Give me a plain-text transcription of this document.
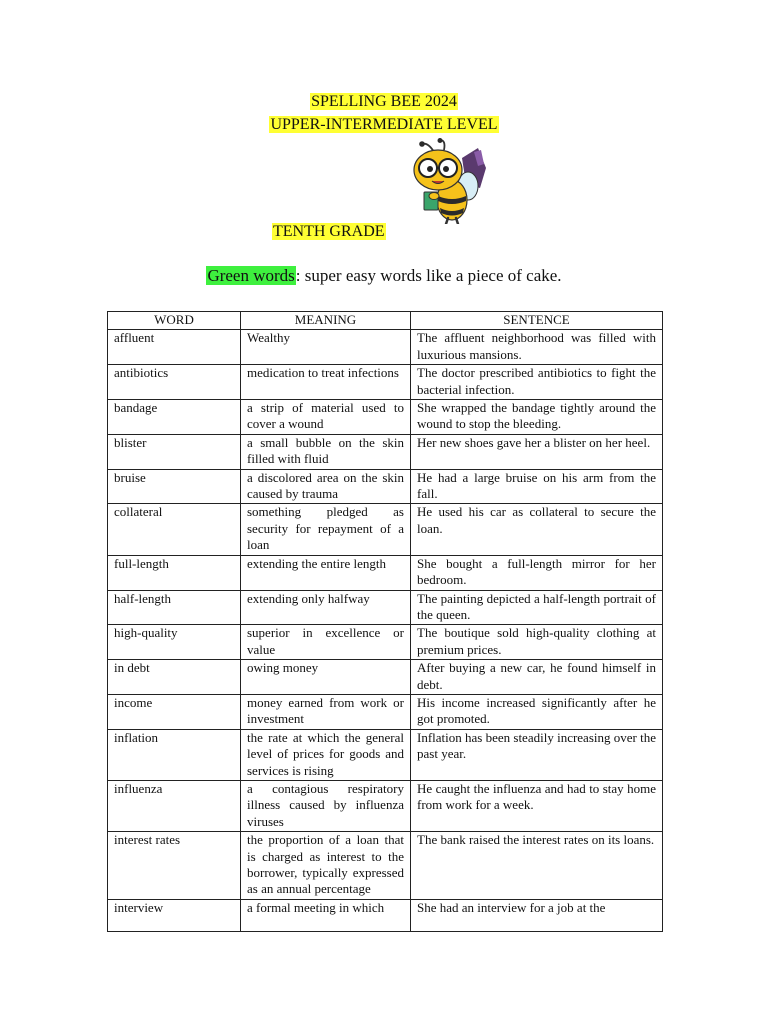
SPELLING BEE 2024
UPPER-INTERMEDIATE LEVEL
TENTH GRADE
Green words: super easy words like a piece of cake.
WORD	MEANING	SENTENCE
affluent	Wealthy	The affluent neighborhood was filled with luxurious mansions.
antibiotics	medication to treat infections	The doctor prescribed antibiotics to fight the bacterial infection.
bandage	a strip of material used to cover a wound	She wrapped the bandage tightly around the wound to stop the bleeding.
blister	a small bubble on the skin filled with fluid	Her new shoes gave her a blister on her heel.
bruise	a discolored area on the skin caused by trauma	He had a large bruise on his arm from the fall.
collateral	something pledged as security for repayment of a loan	He used his car as collateral to secure the loan.
full-length	extending the entire length	She bought a full-length mirror for her bedroom.
half-length	extending only halfway	The painting depicted a half-length portrait of the queen.
high-quality	superior in excellence or value	The boutique sold high-quality clothing at premium prices.
in debt	owing money	After buying a new car, he found himself in debt.
income	money earned from work or investment	His income increased significantly after he got promoted.
inflation	the rate at which the general level of prices for goods and services is rising	Inflation has been steadily increasing over the past year.
influenza	a contagious respiratory illness caused by influenza viruses	He caught the influenza and had to stay home from work for a week.
interest rates	the proportion of a loan that is charged as interest to the borrower, typically expressed as an annual percentage	The bank raised the interest rates on its loans.
interview	a formal meeting in which	She had an interview for a job at the
